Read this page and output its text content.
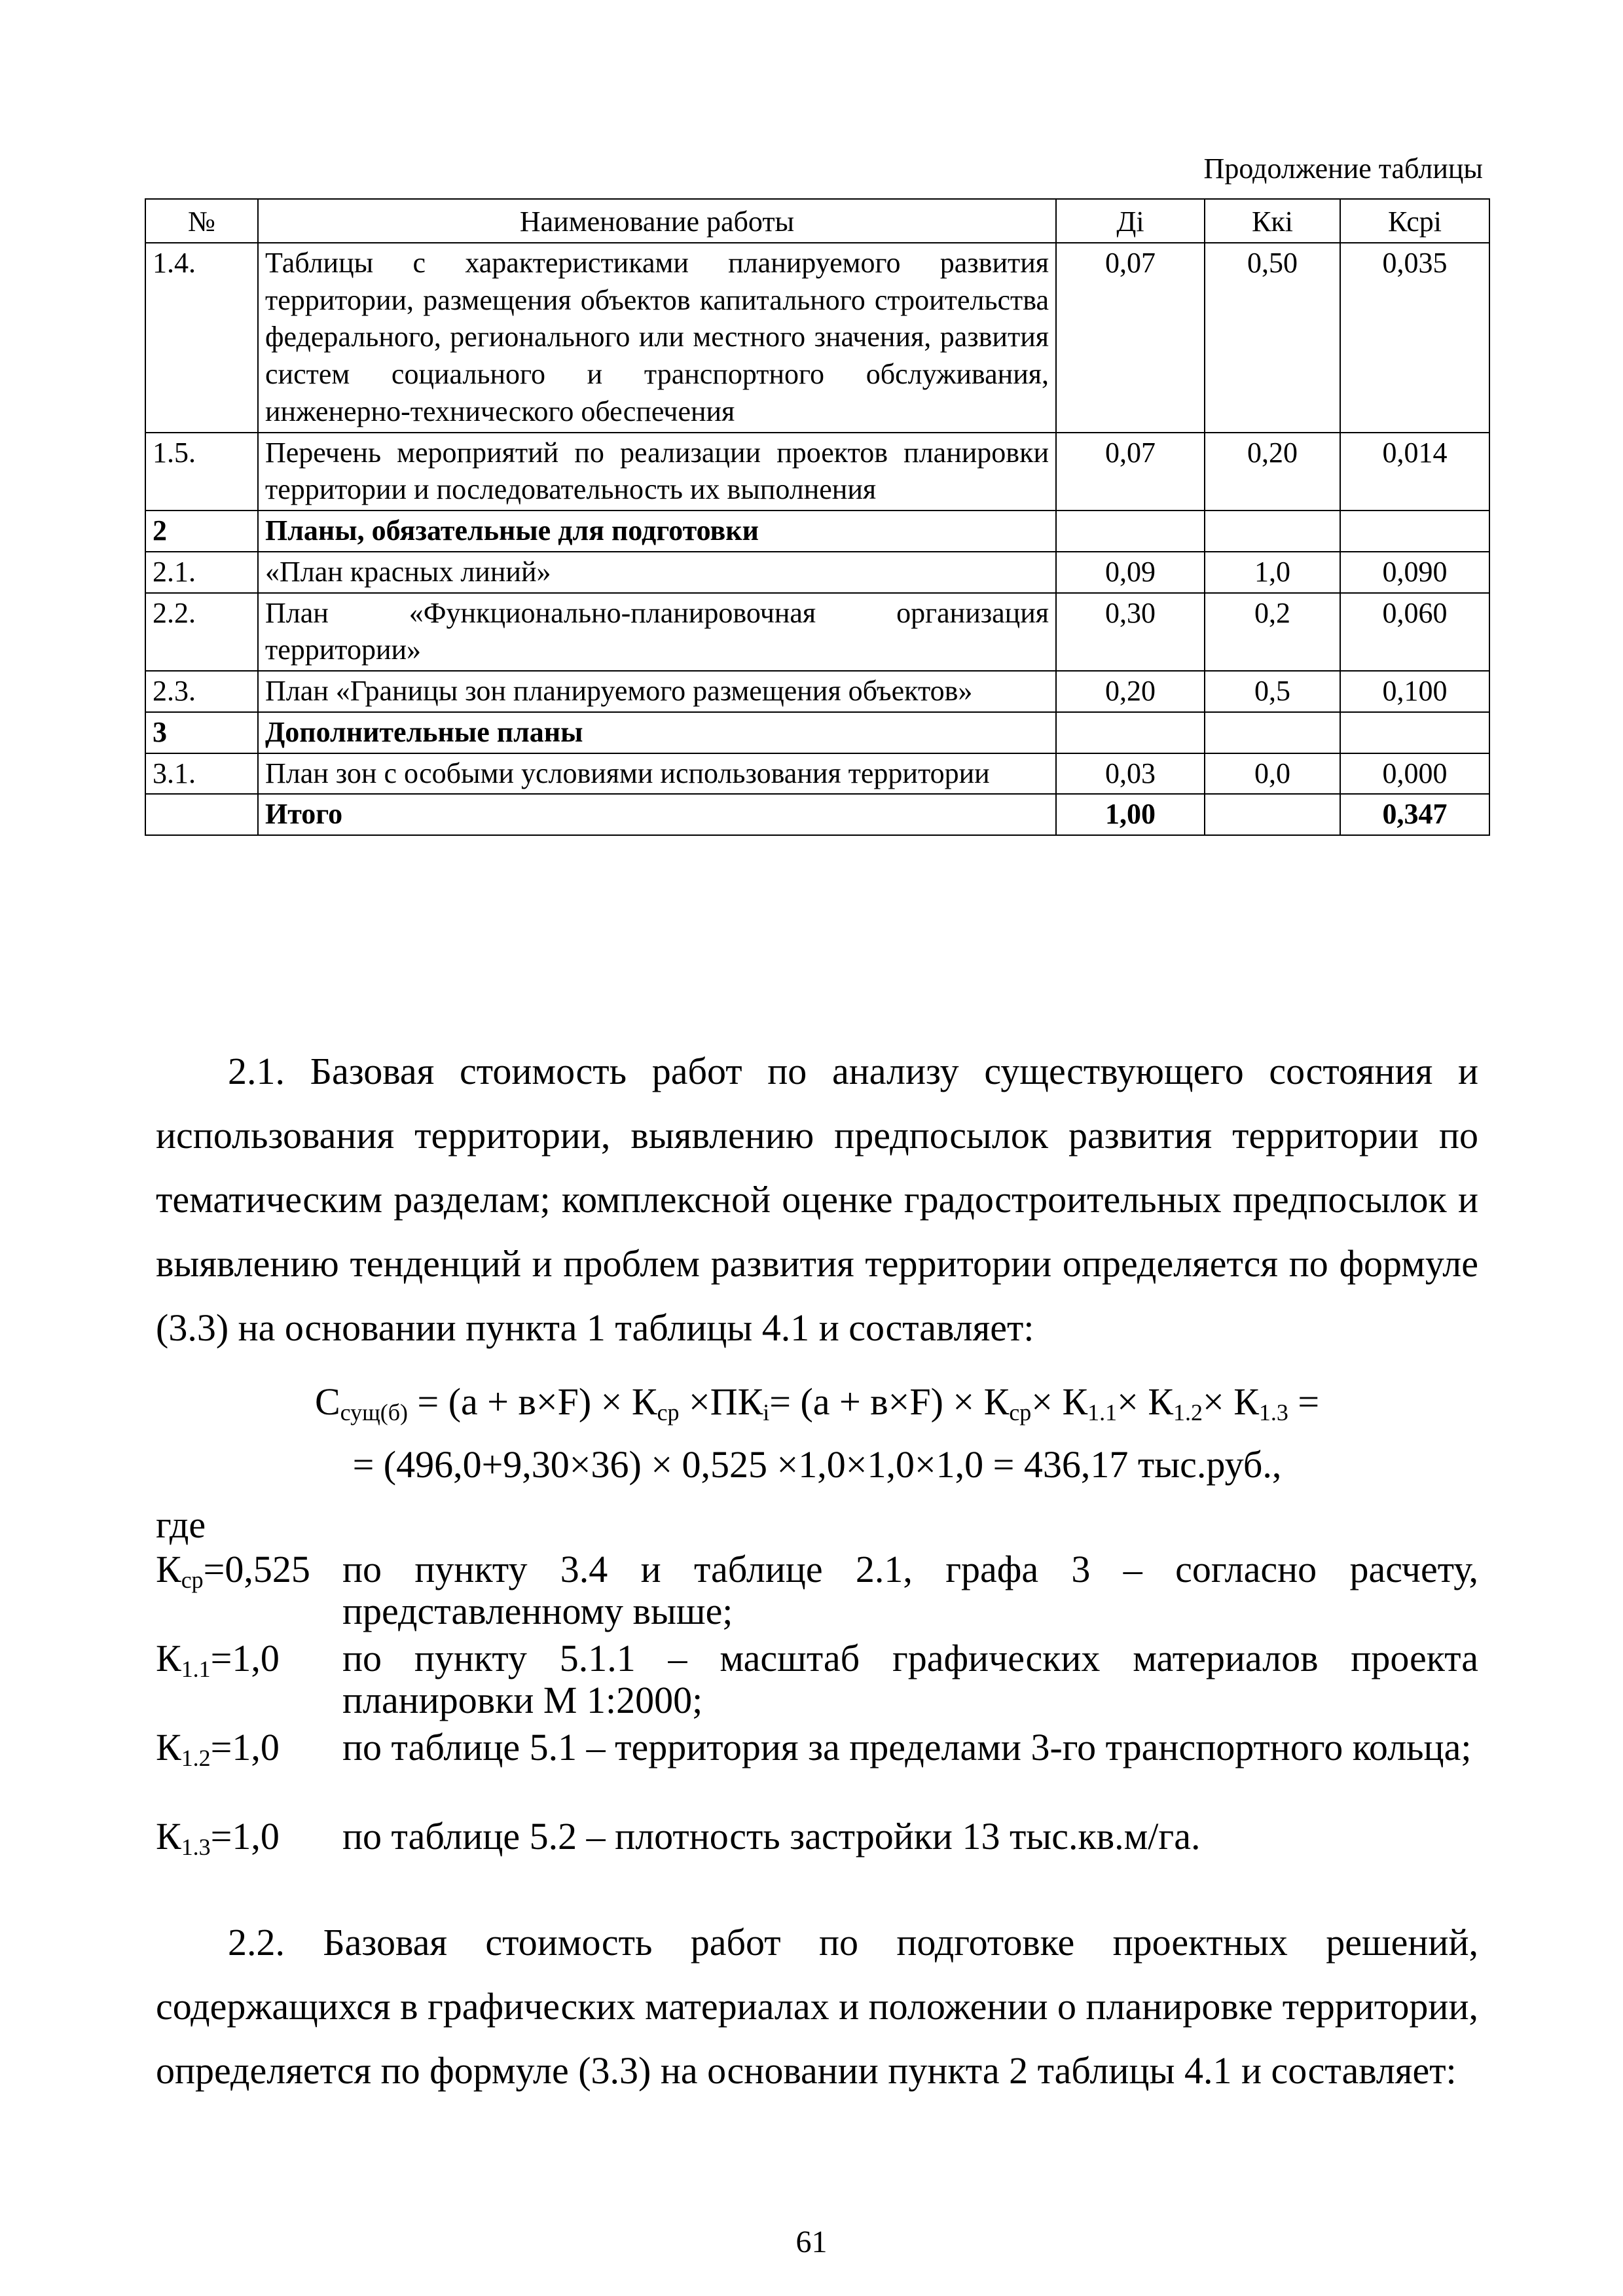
Продолжение таблицы
№	Наименование работы	Дi	Ккi	Ксрi
1.4.	Таблицы с характеристиками планируемого развития территории, размещения объектов капитального строительства федерального, регионального или местного значения, развития систем социального и транспортного обслуживания, инженерно-технического обеспечения	0,07	0,50	0,035
1.5.	Перечень мероприятий по реализации проектов планировки территории и последовательность их выполнения	0,07	0,20	0,014
2	Планы, обязательные для подготовки			
2.1.	«План красных линий»	0,09	1,0	0,090
2.2.	План «Функционально-планировочная организация территории»	0,30	0,2	0,060
2.3.	План «Границы зон планируемого размещения объектов»	0,20	0,5	0,100
3	Дополнительные планы			
3.1.	План зон с особыми условиями использования территории	0,03	0,0	0,000
	Итого	1,00		0,347

2.1. Базовая стоимость работ по анализу существующего состояния и использования территории, выявлению предпосылок развития территории по тематическим разделам; комплексной оценке градостроительных предпосылок и выявлению тенденций и проблем развития территории определяется по формуле (3.3) на основании пункта 1 таблицы 4.1 и составляет:

$С_{сущ(б)} = (а + в\times F) \times К_{ср} \times ПК_i= (а + в\times F) \times К_{ср}\times К_{1.1}\times К_{1.2}\times К_{1.3}$ =
= (496,0+9,30×36) × 0,525 ×1,0×1,0×1,0 = 436,17 тыс.руб.,
где
$К_{ср}=0,525$ по пункту 3.4 и таблице 2.1, графа 3 – согласно расчету, представленному выше;
$К_{1.1}=1,0$	по пункту 5.1.1 – масштаб графических материалов проекта планировки М 1:2000;
$К_{1.2}=1,0$	по таблице 5.1 – территория за пределами 3-го транспортного кольца;
$К_{1.3}=1,0$	по таблице 5.2 – плотность застройки 13 тыс.кв.м/га.

2.2. Базовая стоимость работ по подготовке проектных решений, содержащихся в графических материалах и положении о планировке территории, определяется по формуле (3.3) на основании пункта 2 таблицы 4.1 и составляет:

61
